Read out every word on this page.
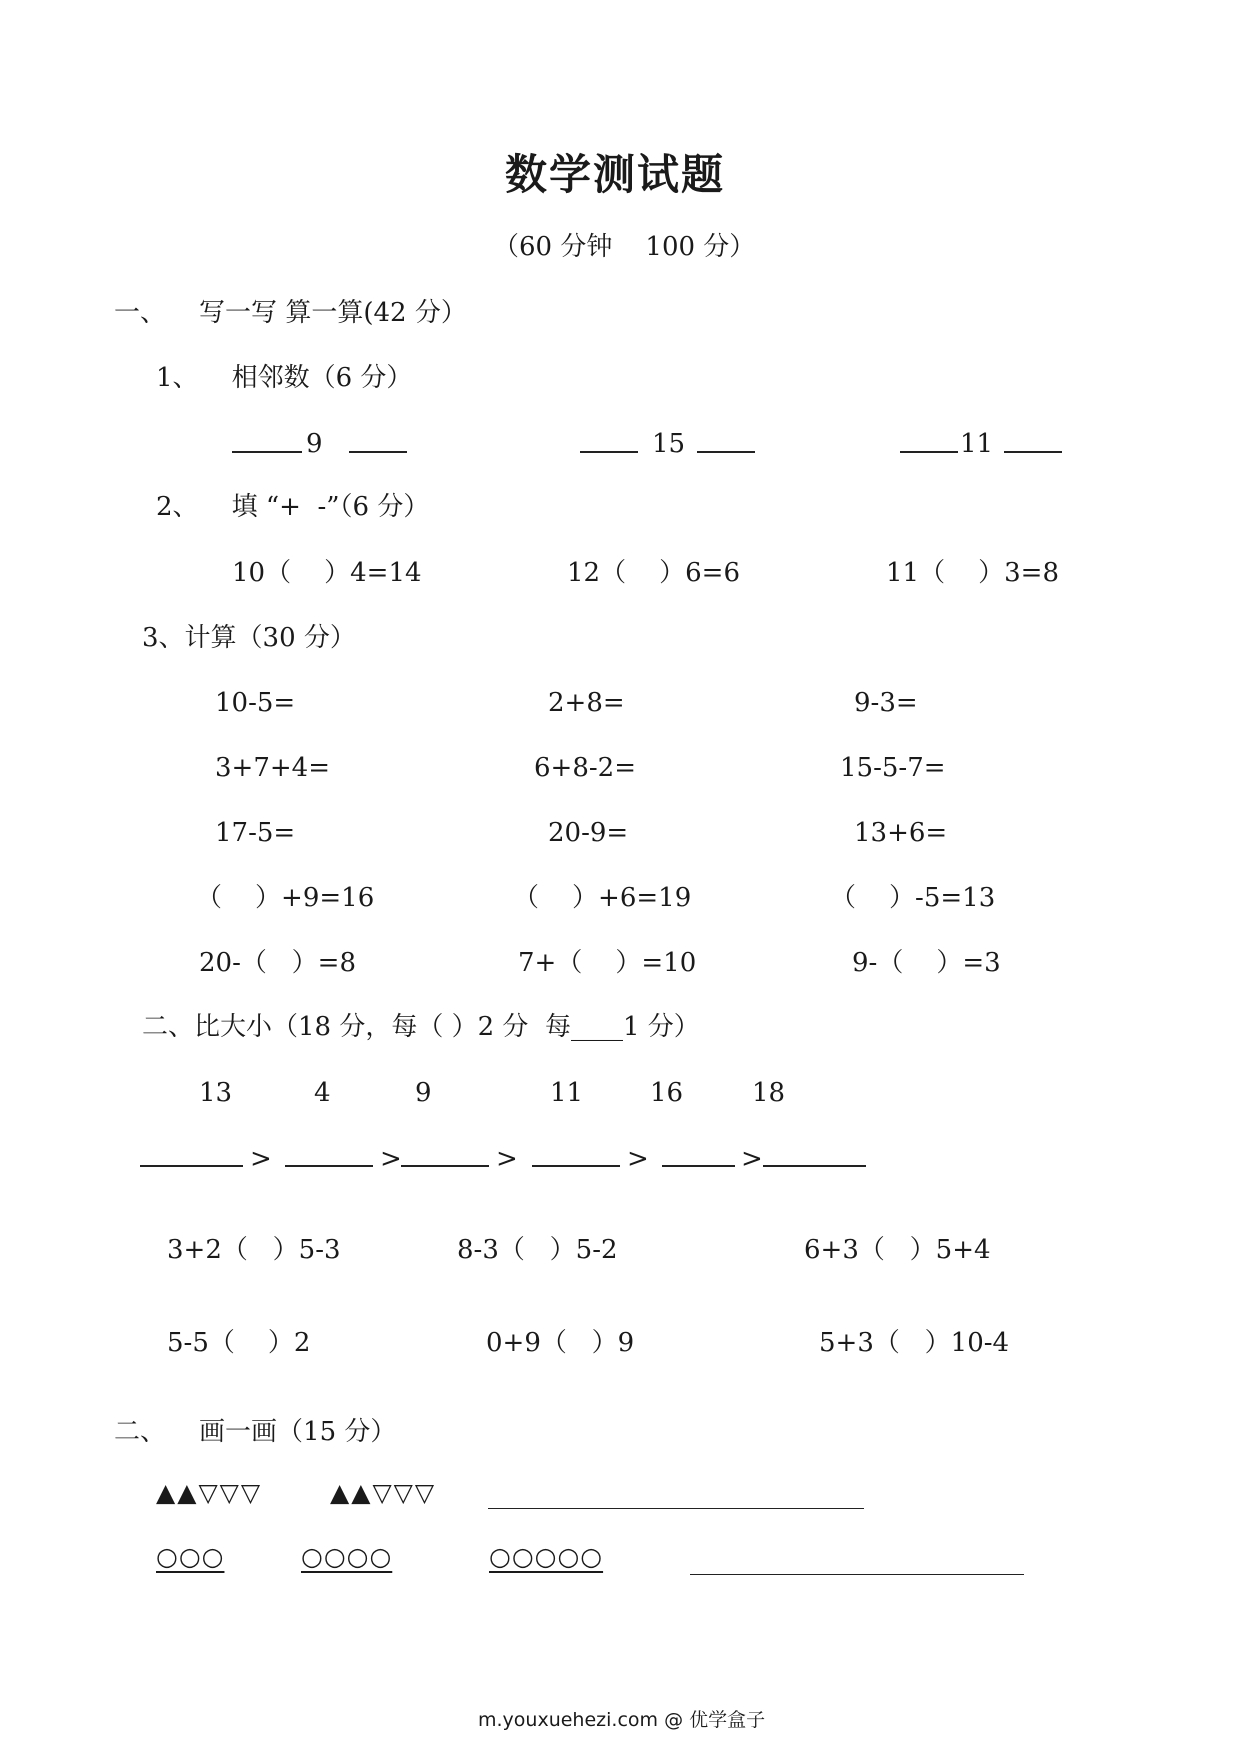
数学测试题
（60 分钟    100 分）
一、    写一写 算一算(42 分）
1、    相邻数（6 分）
9	15	11
2、    填 “+  -”（6 分）
10（    ）4=14	12（    ）6=6	11（    ）3=8
3、计算（30 分）
10-5=	2+8=	9-3=
3+7+4=	6+8-2=	15-5-7=
17-5=	20-9=	13+6=
（    ）+9=16	（    ）+6=19	（    ）-5=13
20-（   ）=8	7+（    ）=10	9-（    ）=3
二、比大小（18 分，每（ ）2 分  每____1 分）
13	4	9	11	16	18
>	>	>	>	>
3+2（   ）5-3	8-3（   ）5-2	6+3（   ）5+4
5-5（    ）2	0+9（   ）9	5+3（   ）10-4
二、    画一画（15 分）
▲▲▽▽▽	▲▲▽▽▽
○○○	○○○○	○○○○○
m.youxuehezi.com @ 优学盒子
